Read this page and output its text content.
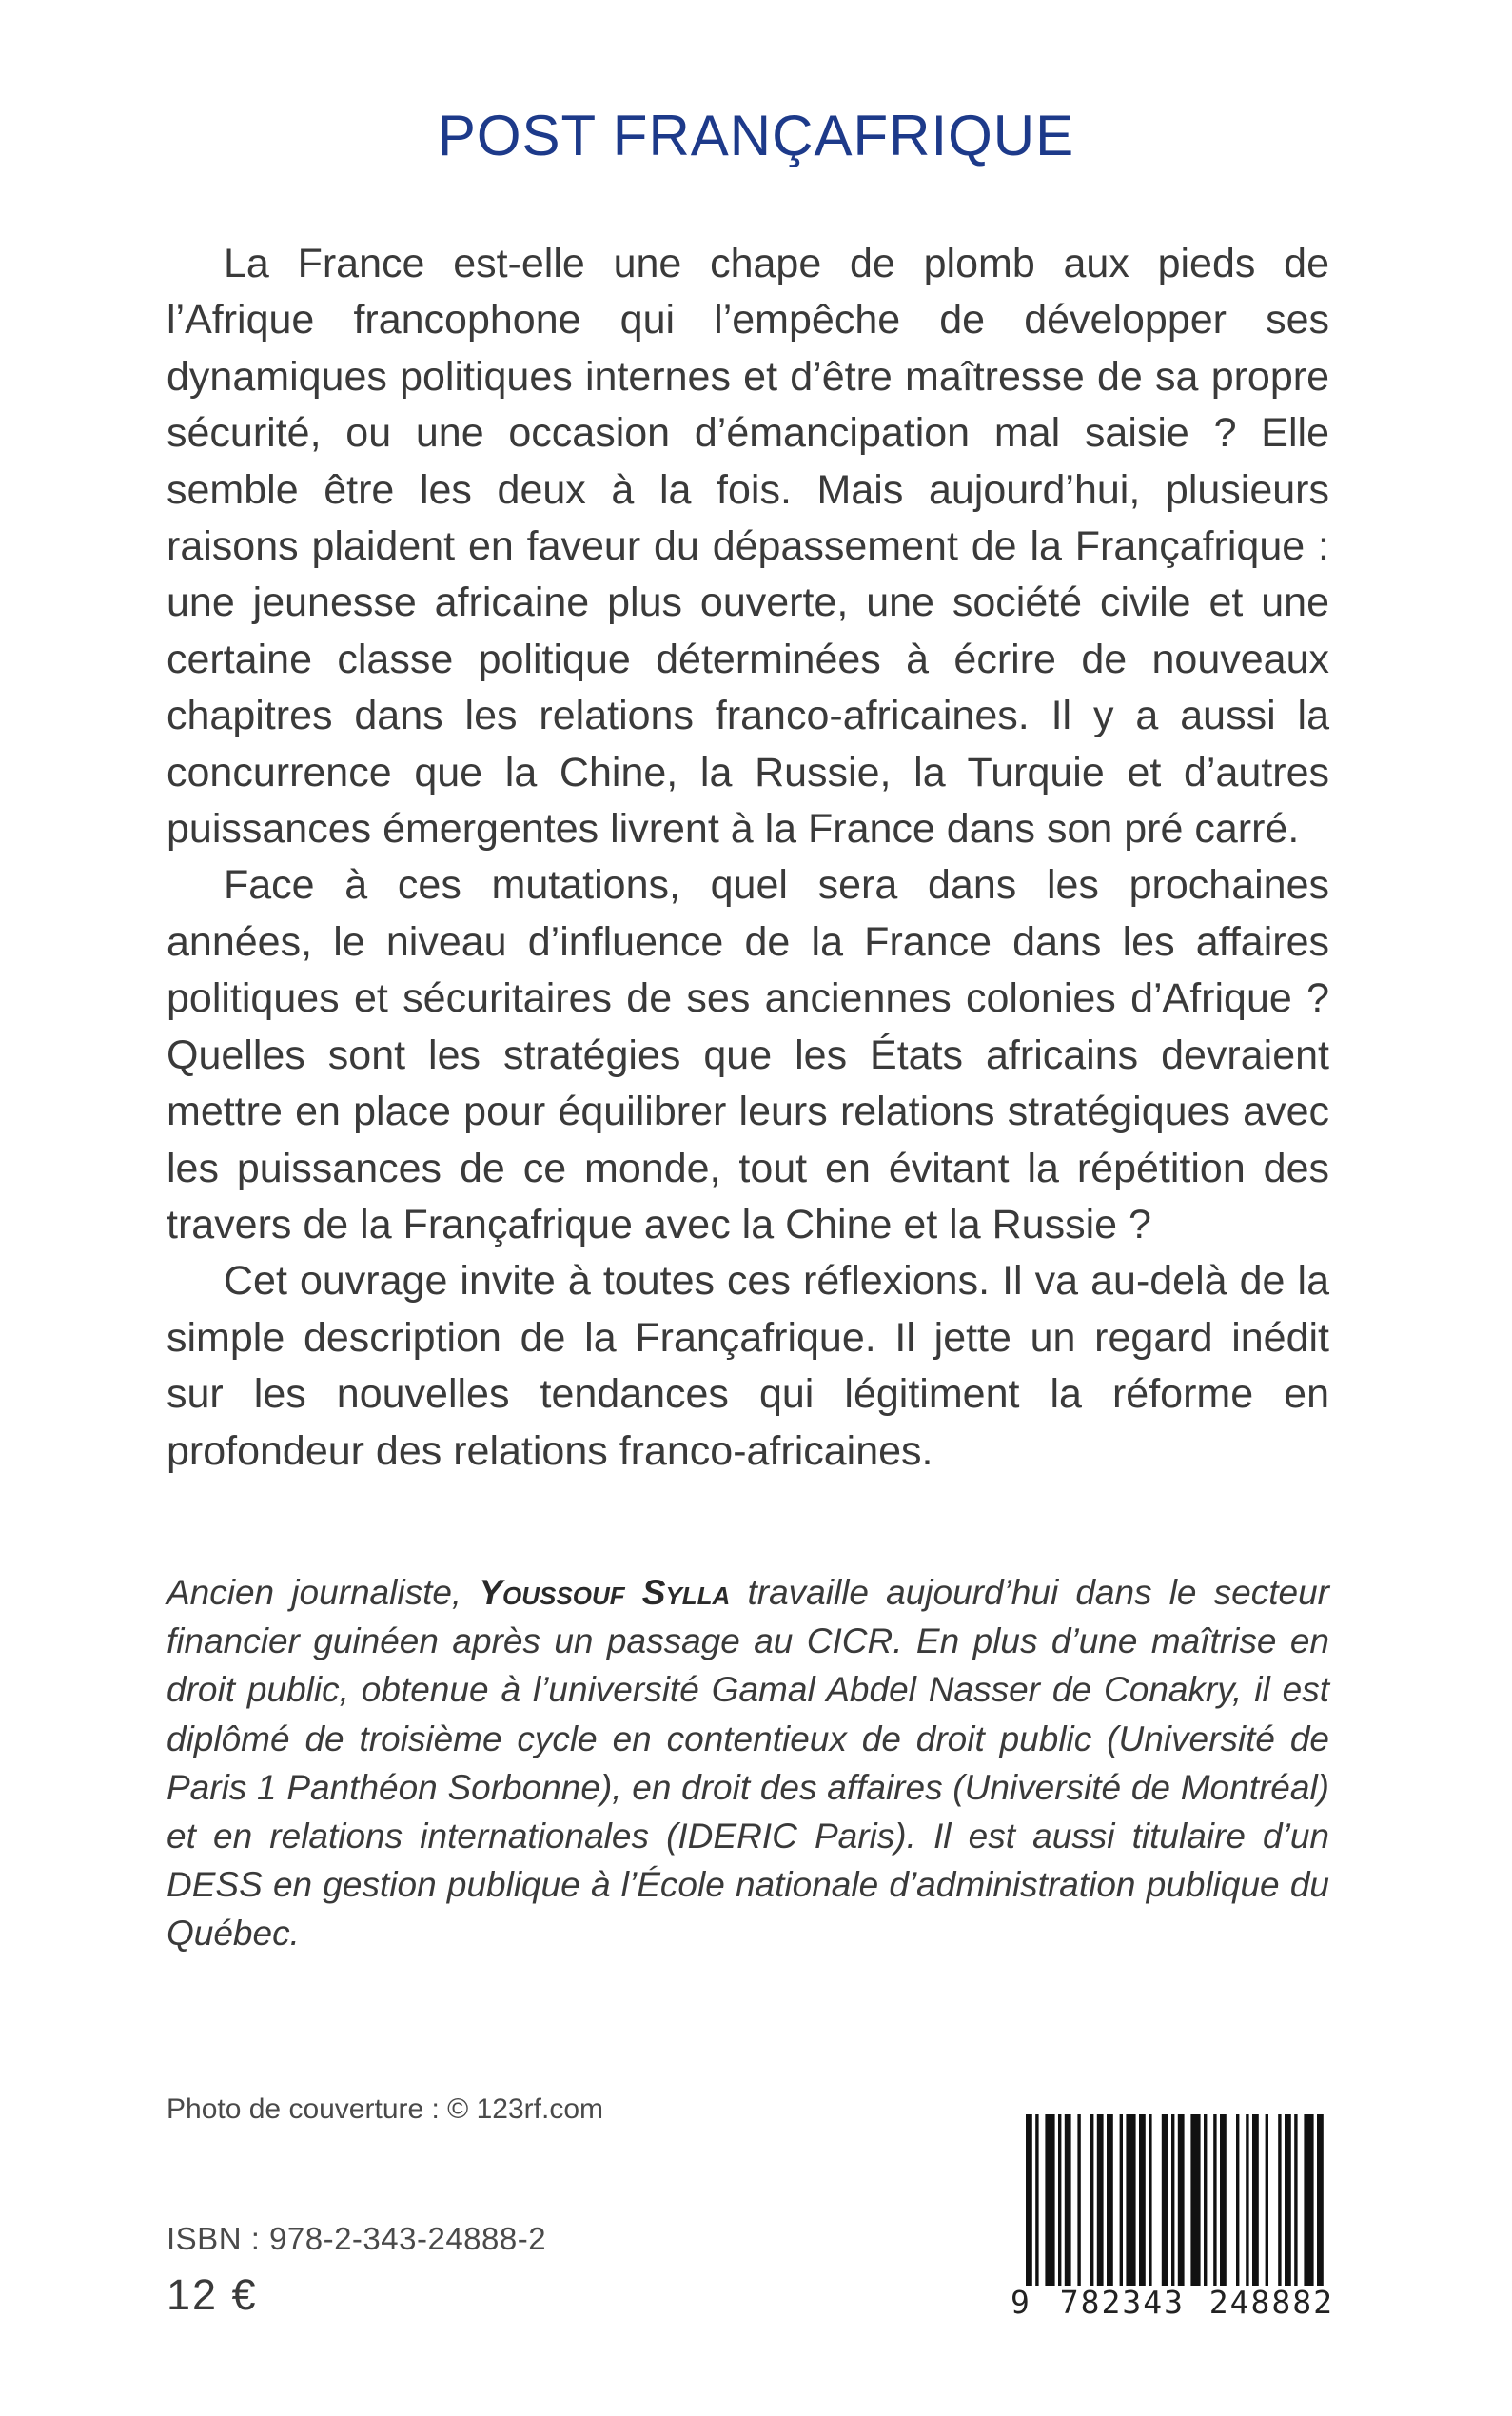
POST FRANÇAFRIQUE

La France est-elle une chape de plomb aux pieds de l’Afrique francophone qui l’empêche de développer ses dynamiques politiques internes et d’être maîtresse de sa propre sécurité, ou une occasion d’émancipation mal saisie ? Elle semble être les deux à la fois. Mais aujourd’hui, plusieurs raisons plaident en faveur du dépassement de la Françafrique : une jeunesse africaine plus ouverte, une société civile et une certaine classe politique déterminées à écrire de nouveaux chapitres dans les relations franco-africaines. Il y a aussi la concurrence que la Chine, la Russie, la Turquie et d’autres puissances émergentes livrent à la France dans son pré carré.

Face à ces mutations, quel sera dans les prochaines années, le niveau d’influence de la France dans les affaires politiques et sécuritaires de ses anciennes colonies d’Afrique ? Quelles sont les stratégies que les États africains devraient mettre en place pour équilibrer leurs relations stratégiques avec les puissances de ce monde, tout en évitant la répétition des travers de la Françafrique avec la Chine et la Russie ?

Cet ouvrage invite à toutes ces réflexions. Il va au-delà de la simple description de la Françafrique. Il jette un regard inédit sur les nouvelles tendances qui légitiment la réforme en profondeur des relations franco-africaines.

Ancien journaliste, Youssouf Sylla travaille aujourd’hui dans le secteur financier guinéen après un passage au CICR. En plus d’une maîtrise en droit public, obtenue à l’université Gamal Abdel Nasser de Conakry, il est diplômé de troisième cycle en contentieux de droit public (Université de Paris 1 Panthéon Sorbonne), en droit des affaires (Université de Montréal) et en relations internationales (IDERIC Paris). Il est aussi titulaire d’un DESS en gestion publique à l’École nationale d’administration publique du Québec.

Photo de couverture : © 123rf.com
ISBN : 978-2-343-24888-2
12 €	9 782343 248882
